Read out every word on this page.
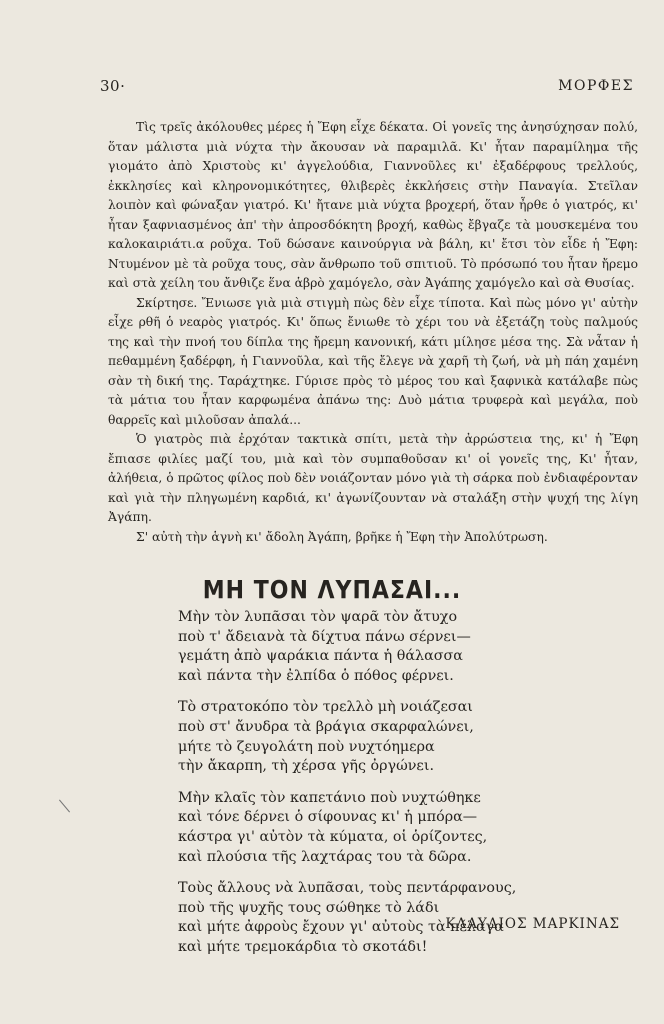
30·	ΜΟΡΦΕΣ

Τὶς τρεῖς ἀκόλουθες μέρες ἡ Ἔφη εἶχε δέκατα. Οἱ γονεῖς της ἀνησύχησαν πολύ, ὅταν μάλιστα μιὰ νύχτα τὴν ἄκουσαν νὰ παραμιλᾶ. Κι' ἦταν παραμίλημα τῆς γιομάτο ἀπὸ Χριστοὺς κι' ἀγγελούδια, Γιαννοῦλες κι' ἐξαδέρφους τρελλούς, ἐκκλησίες καὶ κληρονομικότητες, θλιβερὲς ἐκκλήσεις στὴν Παναγία. Στεῖλαν λοιπὸν καὶ φώναξαν γιατρό. Κι' ἤτανε μιὰ νύχτα βροχερή, ὅταν ἦρθε ὁ γιατρός, κι' ἦταν ξαφνιασμένος ἀπ' τὴν ἀπροσδόκητη βροχή, καθὼς ἔβγαζε τὰ μουσκεμένα του καλοκαιριάτι.α ροῦχα. Τοῦ δώσανε καινούργια νὰ βάλη, κι' ἔτσι τὸν εἶδε ἡ Ἔφη: Ντυμένον μὲ τὰ ροῦχα τους, σὰν ἄνθρωπο τοῦ σπιτιοῦ. Τὸ πρόσωπό του ἦταν ἤρεμο καὶ στὰ χείλη του ἄνθιζε ἕνα ἁβρὸ χαμόγελο, σὰν Ἀγάπης χαμόγελο καὶ σὰ Θυσίας.

Σκίρτησε. Ἔνιωσε γιὰ μιὰ στιγμὴ πὼς δὲν εἶχε τίποτα. Καὶ πὼς μόνο γι' αὐτὴν εἶχε ρθῆ ὁ νεαρὸς γιατρός. Κι' ὅπως ἔνιωθε τὸ χέρι του νὰ ἐξετάζη τοὺς παλμούς της καὶ τὴν πνοή του δίπλα της ἤρεμη κανονική, κάτι μίλησε μέσα της. Σὰ νἆταν ἡ πεθαμμένη ξαδέρφη, ἡ Γιαννοῦλα, καὶ τῆς ἔλεγε νὰ χαρῆ τὴ ζωή, νὰ μὴ πάη χαμένη σὰν τὴ δική της. Ταράχτηκε. Γύρισε πρὸς τὸ μέρος του καὶ ξαφνικὰ κατάλαβε πὼς τὰ μάτια του ἦταν καρφωμένα ἀπάνω της: Δυὸ μάτια τρυφερὰ καὶ μεγάλα, ποὺ θαρρεῖς καὶ μιλοῦσαν ἀπαλά...

Ὁ γιατρὸς πιὰ ἐρχόταν τακτικὰ σπίτι, μετὰ τὴν ἀρρώστεια της, κι' ἡ Ἔφη ἔπιασε φιλίες μαζί του, μιὰ καὶ τὸν συμπαθοῦσαν κι' οἱ γονεῖς της, Κι' ἦταν, ἀλήθεια, ὁ πρῶτος φίλος ποὺ δὲν νοιάζονταν μόνο γιὰ τὴ σάρκα ποὺ ἐνδιαφέρονταν καὶ γιὰ τὴν πληγωμένη καρδιά, κι' ἀγωνίζουνταν νὰ σταλάξη στὴν ψυχή της λίγη Ἀγάπη.

Σ' αὐτὴ τὴν ἁγνὴ κι' ἄδολη Ἀγάπη, βρῆκε ἡ Ἔφη τὴν Ἀπολύτρωση.

ΜΗ ΤΟΝ ΛΥΠΑΣΑΙ...
Μὴν τὸν λυπᾶσαι τὸν ψαρᾶ τὸν ἄτυχο
ποὺ τ' ἄδειανὰ τὰ δίχτυα πάνω σέρνει—
γεμάτη ἀπὸ ψαράκια πάντα ἡ θάλασσα
καὶ πάντα τὴν ἐλπίδα ὁ πόθος φέρνει.
Τὸ στρατοκόπο τὸν τρελλὸ μὴ νοιάζεσαι
ποὺ στ' ἄνυδρα τὰ βράγια σκαρφαλώνει,
μήτε τὸ ζευγολάτη ποὺ νυχτόημερα
τὴν ἄκαρπη, τὴ χέρσα γῆς ὀργώνει.
Μὴν κλαῖς τὸν καπετάνιο ποὺ νυχτώθηκε
καὶ τόνε δέρνει ὁ σίφουνας κι' ἡ μπόρα—
κάστρα γι' αὐτὸν τὰ κύματα, οἱ ὁρίζοντες,
καὶ πλούσια τῆς λαχτάρας του τὰ δῶρα.
Τοὺς ἄλλους νὰ λυπᾶσαι, τοὺς πεντάρφανους,
ποὺ τῆς ψυχῆς τους σώθηκε τὸ λάδι
καὶ μήτε ἀφροὺς ἔχουν γι' αὐτοὺς τὰ πέλαγα
καὶ μήτε τρεμοκάρδια τὸ σκοτάδι!
ΚΛΑΥΔΙΟΣ ΜΑΡΚΙΝΑΣ
